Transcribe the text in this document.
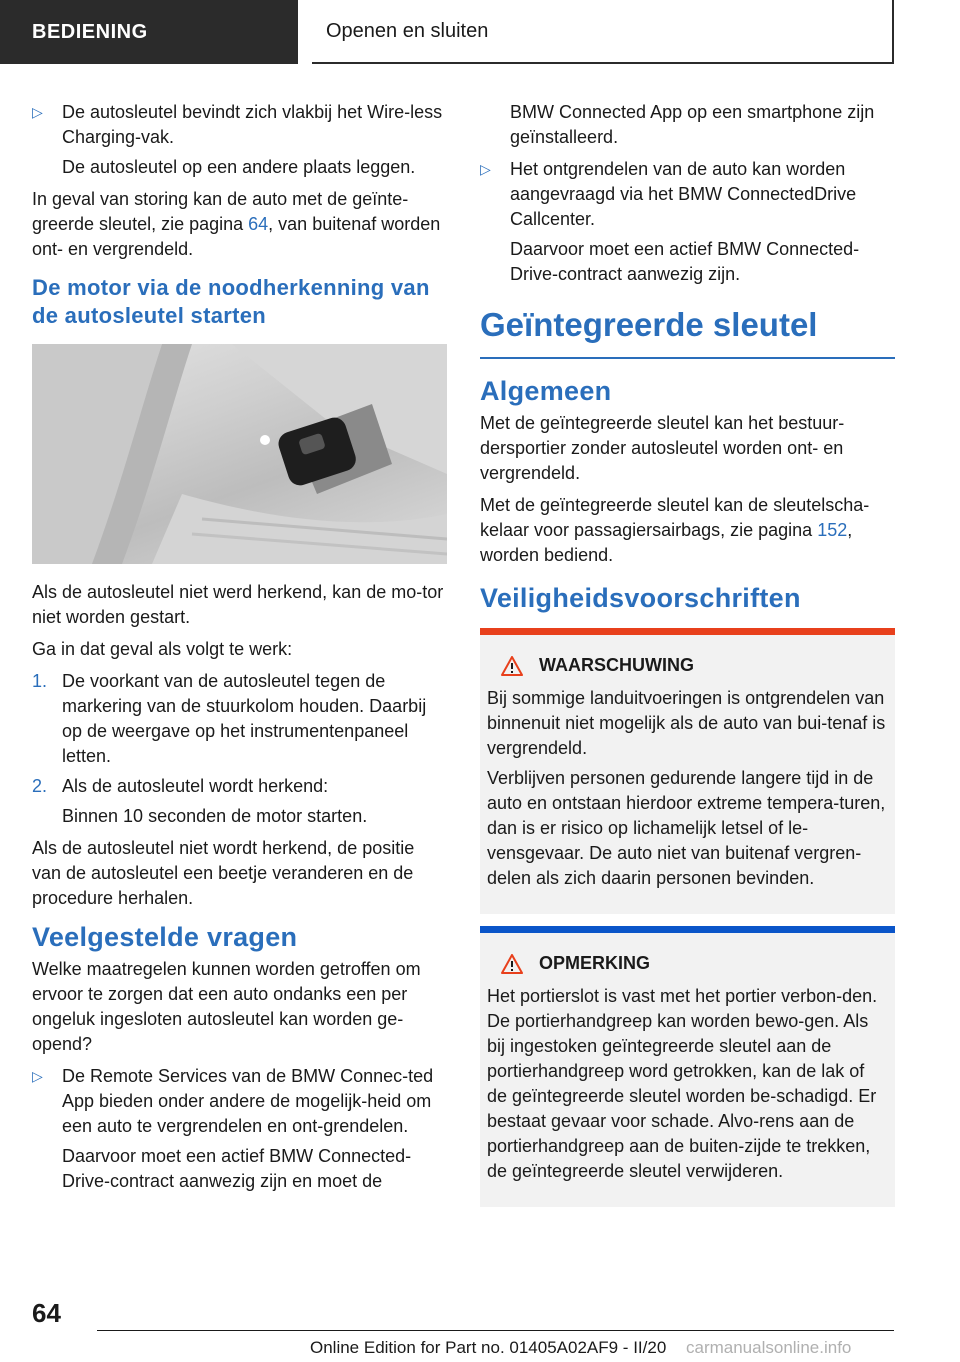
BEDIENING	Openen en sluiten
▷	De autosleutel bevindt zich vlakbij het Wire-less Charging-vak.

De autosleutel op een andere plaats leggen.

In geval van storing kan de auto met de geïnte-greerde sleutel, zie pagina 64, van buitenaf worden ont- en vergrendeld.

De motor via de noodherkenning van de autosleutel starten

Als de autosleutel niet werd herkend, kan de mo-tor niet worden gestart.

Ga in dat geval als volgt te werk:

1. De voorkant van de autosleutel tegen de markering van de stuurkolom houden. Daarbij op de weergave op het instrumentenpaneel letten.
2. Als de autosleutel wordt herkend:

Binnen 10 seconden de motor starten.

Als de autosleutel niet wordt herkend, de positie van de autosleutel een beetje veranderen en de procedure herhalen.

Veelgestelde vragen

Welke maatregelen kunnen worden getroffen om ervoor te zorgen dat een auto ondanks een per ongeluk ingesloten autosleutel kan worden ge-opend?

▷	De Remote Services van de BMW Connec-ted App bieden onder andere de mogelijk-heid om een auto te vergrendelen en ont-grendelen.

Daarvoor moet een actief BMW Connected-Drive-contract aanwezig zijn en moet de

BMW Connected App op een smartphone zijn geïnstalleerd.

▷	Het ontgrendelen van de auto kan worden aangevraagd via het BMW ConnectedDrive Callcenter.

Daarvoor moet een actief BMW Connected-Drive-contract aanwezig zijn.

Geïntegreerde sleutel
Algemeen

Met de geïntegreerde sleutel kan het bestuur-dersportier zonder autosleutel worden ont- en vergrendeld.

Met de geïntegreerde sleutel kan de sleutelscha-kelaar voor passagiersairbags, zie pagina 152, worden bediend.

Veiligheidsvoorschriften
WAARSCHUWING

Bij sommige landuitvoeringen is ontgrendelen van binnenuit niet mogelijk als de auto van bui-tenaf is vergrendeld.

Verblijven personen gedurende langere tijd in de auto en ontstaan hierdoor extreme tempera-turen, dan is er risico op lichamelijk letsel of le-vensgevaar. De auto niet van buitenaf vergren-delen als zich daarin personen bevinden.

OPMERKING

Het portierslot is vast met het portier verbon-den. De portierhandgreep kan worden bewo-gen. Als bij ingestoken geïntegreerde sleutel aan de portierhandgreep word getrokken, kan de lak of de geïntegreerde sleutel worden be-schadigd. Er bestaat gevaar voor schade. Alvo-rens aan de portierhandgreep aan de buiten-zijde te trekken, de geïntegreerde sleutel verwijderen.

64
Online Edition for Part no. 01405A02AF9 - II/20 carmanualsonline.info
